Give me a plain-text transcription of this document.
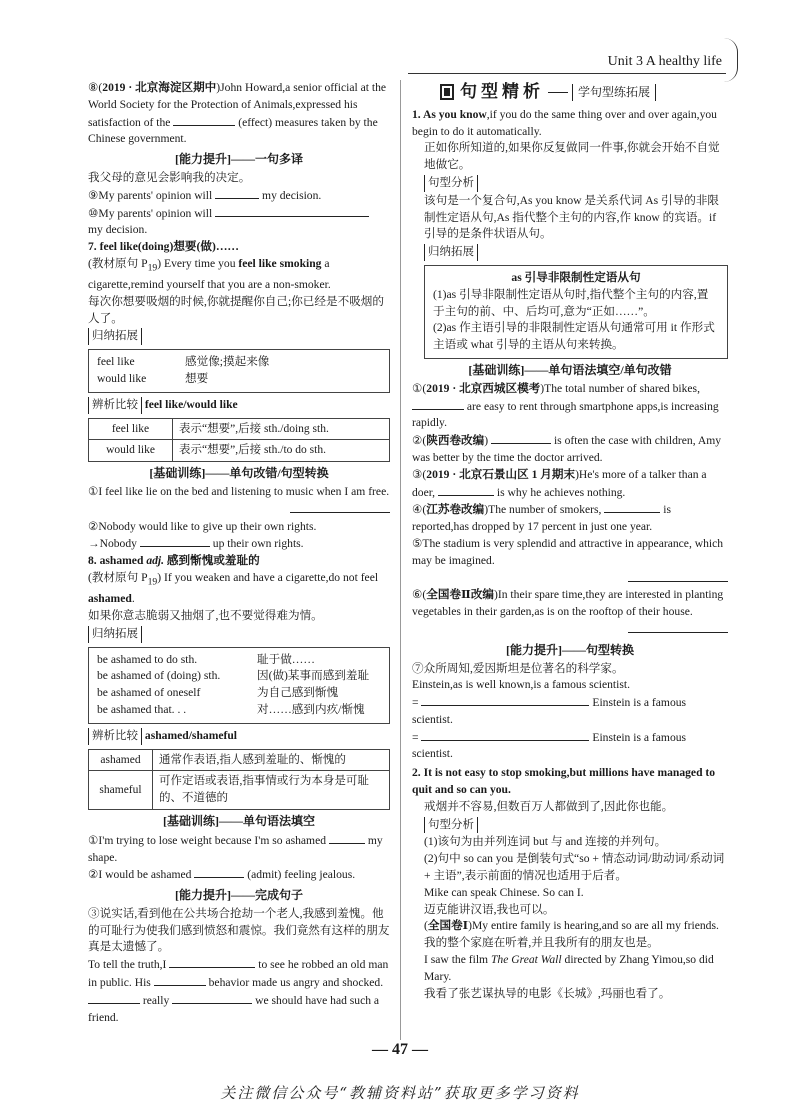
Unit 3 A healthy life

⑧(2019 · 北京海淀区期中)John Howard,a senior official at the World Society for the Protection of Animals,expressed his satisfaction of the	(effect) measures taken by the Chinese government.

[能力提升]——一句多译

我父母的意见会影响我的决定。

⑨My parents' opinion will	my decision.

⑩My parents' opinion will
my decision.

7. feel like(doing)想要(做)……

(教材原句 $P_{19}$) Every time you feel like smoking a cigarette,remind yourself that you are a non-smoker.

每次你想要吸烟的时候,你就提醒你自己;你已经是不吸烟的人了。

归纳拓展
feel like	感觉像;摸起来像
would like	想要

辨析比较 feel like/would like

feel like	表示“想要”,后接 sth./doing sth.
would like	表示“想要”,后接 sth./to do sth.
[基础训练]——单句改错/句型转换

①I feel like lie on the bed and listening to music when I am free.

②Nobody would like to give up their own rights.

→Nobody	up their own rights.

8. ashamed adj. 感到惭愧或羞耻的

(教材原句 $P_{19}$) If you weaken and have a cigarette,do not feel ashamed.

如果你意志脆弱又抽烟了,也不要觉得难为情。

归纳拓展
be ashamed to do sth.	耻于做……
be ashamed of (doing) sth.	因(做)某事而感到羞耻
be ashamed of oneself	为自己感到惭愧
be ashamed that. . .	对……感到内疚/惭愧

辨析比较 ashamed/shameful

ashamed	通常作表语,指人感到羞耻的、惭愧的
shameful	可作定语或表语,指事情或行为本身是可耻的、不道德的
[基础训练]——单句语法填空

①I'm trying to lose weight because I'm so ashamed	my shape.

②I would be ashamed	(admit) feeling jealous.

[能力提升]——完成句子

③说实话,看到他在公共场合抢劫一个老人,我感到羞愧。他的可耻行为使我们感到愤怒和震惊。我们竟然有这样的朋友真是太遗憾了。

To tell the truth,I	to see he robbed an old man in public. His	behavior made us angry and shocked.  really	we should have had such a friend.

句型精析	学句型练拓展

1. As you know,if you do the same thing over and over again,you begin to do it automatically.

正如你所知道的,如果你反复做同一件事,你就会开始不自觉地做它。

句型分析

该句是一个复合句,As you know 是关系代词 As 引导的非限制性定语从句,As 指代整个主句的内容,作 know 的宾语。if 引导的是条件状语从句。

归纳拓展
as 引导非限制性定语从句
(1)as 引导非限制性定语从句时,指代整个主句的内容,置于主句的前、中、后均可,意为“正如……”。
(2)as 作主语引导的非限制性定语从句通常可用 it 作形式主语或 what 引导的主语从句来转换。
[基础训练]——单句语法填空/单句改错

①(2019 · 北京西城区模考)The total number of shared bikes,  are easy to rent through smartphone apps,is increasing rapidly.

②(陕西卷改编)	is often the case with children, Amy was better by the time the doctor arrived.

③(2019 · 北京石景山区 1 月期末)He's more of a talker than a doer,	is why he achieves nothing.

④(江苏卷改编)The number of smokers,	is reported,has dropped by 17 percent in just one year.

⑤The stadium is very splendid and attractive in appearance, which may be imagined.

⑥(全国卷Ⅱ改编)In their spare time,they are interested in planting vegetables in their garden,as is on the rooftop of their house.

[能力提升]——句型转换

⑦众所周知,爱因斯坦是位著名的科学家。

Einstein,as is well known,is a famous scientist.

=	Einstein is a famous scientist.

=	Einstein is a famous scientist.

2. It is not easy to stop smoking,but millions have managed to quit and so can you.

戒烟并不容易,但数百万人都做到了,因此你也能。

句型分析

(1)该句为由并列连词 but 与 and 连接的并列句。

(2)句中 so can you 是倒装句式“so + 情态动词/助动词/系动词 + 主语”,表示前面的情况也适用于后者。

Mike can speak Chinese. So can I.

迈克能讲汉语,我也可以。

(全国卷Ⅰ)My entire family is hearing,and so are all my friends.

我的整个家庭在听着,并且我所有的朋友也是。

I saw the film The Great Wall directed by Zhang Yimou,so did Mary.

我看了张艺谋执导的电影《长城》,玛丽也看了。

— 47 —
关注微信公众号“教辅资料站”获取更多学习资料
